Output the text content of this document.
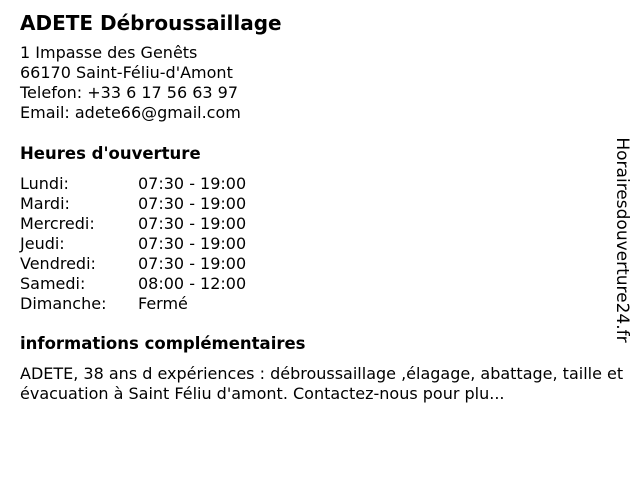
ADETE Débroussaillage
1 Impasse des Genêts
66170 Saint-Féliu-d'Amont
Telefon: +33 6 17 56 63 97
Email: adete66@gmail.com
Heures d'ouverture
Lundi:	07:30 - 19:00
Mardi:	07:30 - 19:00
Mercredi:	07:30 - 19:00
Jeudi:	07:30 - 19:00
Vendredi:	07:30 - 19:00
Samedi:	08:00 - 12:00
Dimanche: Fermé
informations complémentaires

ADETE, 38 ans d expériences : débroussaillage ,élagage, abattage, taille et évacuation à Saint Féliu d'amont. Contactez-nous pour plu...

Horairesdouverture24.fr
